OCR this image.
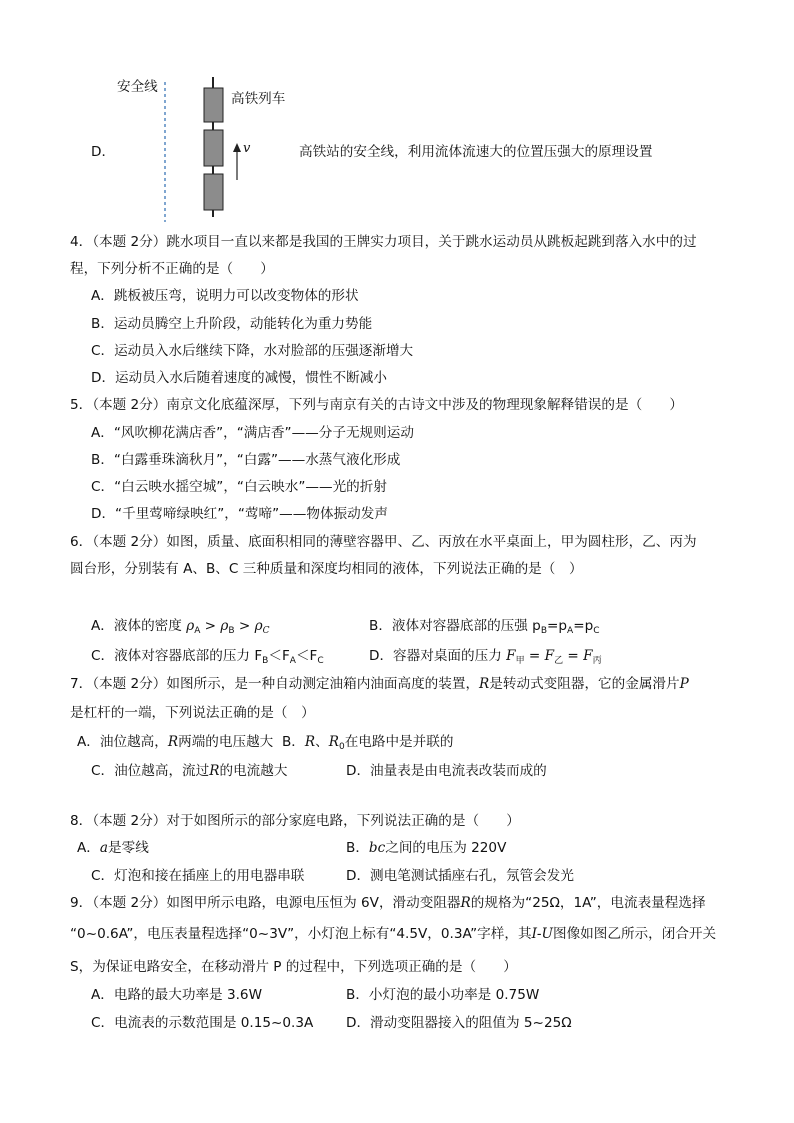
安全线
高铁列车
v
D．	高铁站的安全线，利用流体流速大的位置压强大的原理设置
4．（本题 2分）跳水项目一直以来都是我国的王牌实力项目，关于跳水运动员从跳板起跳到落入水中的过
程，下列分析不正确的是（　　）
A．跳板被压弯，说明力可以改变物体的形状
B．运动员腾空上升阶段，动能转化为重力势能
C．运动员入水后继续下降，水对脸部的压强逐渐增大
D．运动员入水后随着速度的减慢，惯性不断减小
5．（本题 2分）南京文化底蕴深厚，下列与南京有关的古诗文中涉及的物理现象解释错误的是（　　）
A．“风吹柳花满店香”，“满店香”——分子无规则运动
B．“白露垂珠滴秋月”，“白露”——水蒸气液化形成
C．“白云映水摇空城”，“白云映水”——光的折射
D．“千里莺啼绿映红”，“莺啼”——物体振动发声
6．（本题 2分）如图，质量、底面积相同的薄壁容器甲、乙、丙放在水平桌面上，甲为圆柱形，乙、丙为
圆台形，分别装有 A、B、C 三种质量和深度均相同的液体，下列说法正确的是（　）
A．液体的密度 $\rho_A > \rho_B > \rho_C$	B．液体对容器底部的压强 $p_B=p_A=p_C$
C．液体对容器底部的压力 $F_B<F_A<F_C$	D．容器对桌面的压力 $F_甲 = F_乙 = F_丙$
7．（本题 2分）如图所示，是一种自动测定油箱内油面高度的装置，R是转动式变阻器，它的金属滑片P
是杠杆的一端，下列说法正确的是（　）
A．油位越高，R两端的电压越大 B．R、$R_0$在电路中是并联的
C．油位越高，流过R的电流越大	D．油量表是由电流表改装而成的
8．（本题 2分）对于如图所示的部分家庭电路，下列说法正确的是（　　）
A．a是零线	B．bc之间的电压为 220V
C．灯泡和接在插座上的用电器串联	D．测电笔测试插座右孔，氖管会发光
9．（本题 2分）如图甲所示电路，电源电压恒为 6V，滑动变阻器R的规格为“25Ω，1A”，电流表量程选择
“0~0.6A”，电压表量程选择“0~3V”，小灯泡上标有“4.5V，0.3A”字样，其I-U图像如图乙所示，闭合开关
S，为保证电路安全，在移动滑片 P 的过程中，下列选项正确的是（　　）
A．电路的最大功率是 3.6W	B．小灯泡的最小功率是 0.75W
C．电流表的示数范围是 0.15~0.3A D．滑动变阻器接入的阻值为 5~25Ω
